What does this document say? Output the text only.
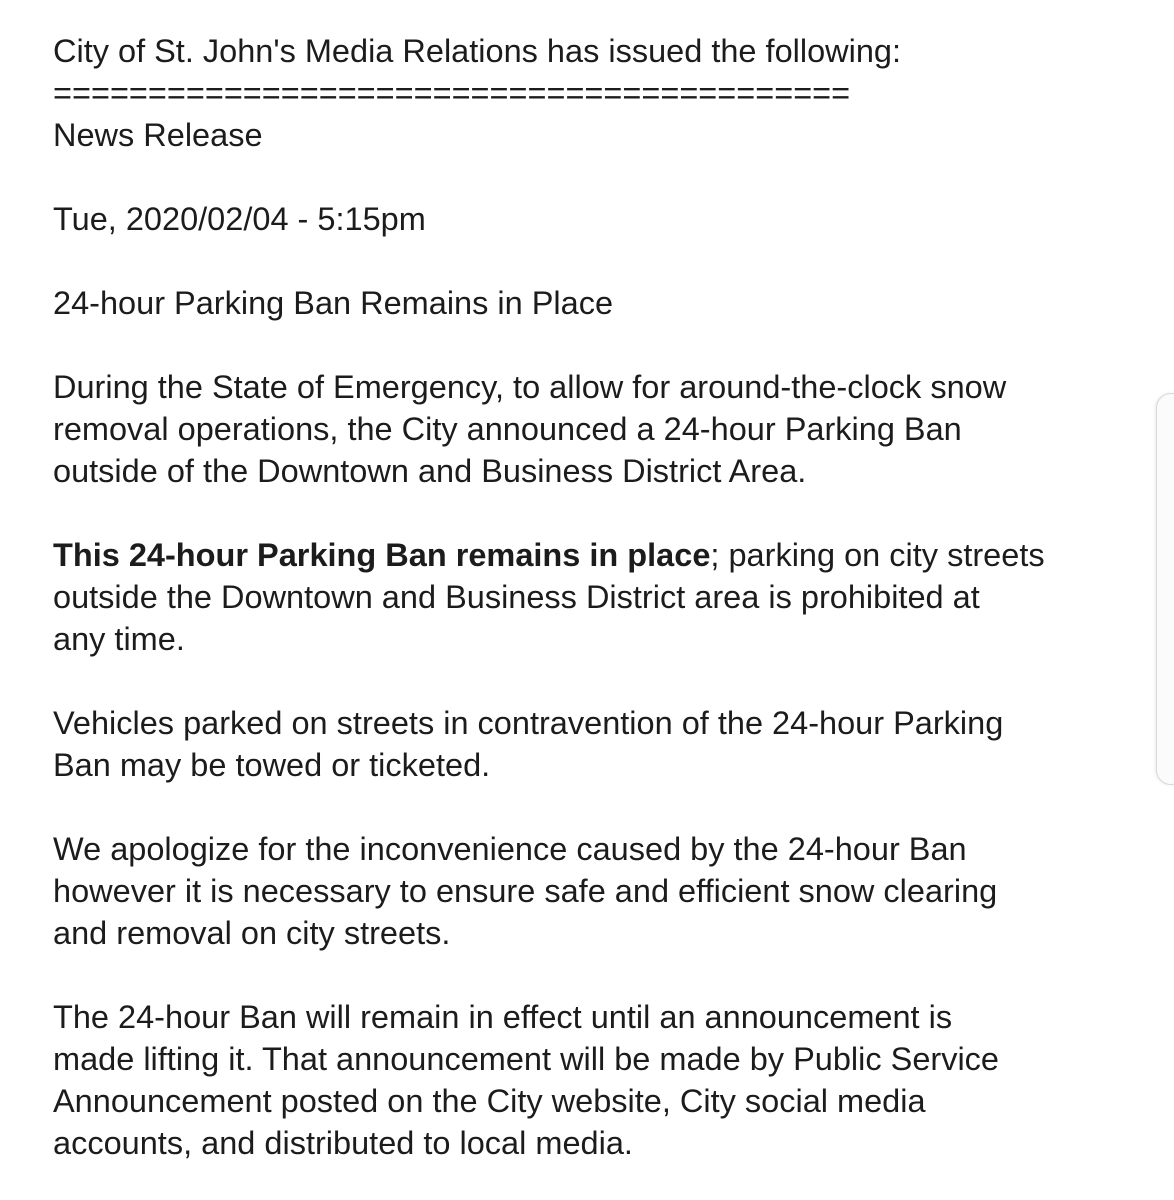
City of St. John's Media Relations has issued the following:
==========================================
News Release
Tue, 2020/02/04 - 5:15pm
24-hour Parking Ban Remains in Place
During the State of Emergency, to allow for around-the-clock snow
removal operations, the City announced a 24-hour Parking Ban
outside of the Downtown and Business District Area.
This 24-hour Parking Ban remains in place; parking on city streets
outside the Downtown and Business District area is prohibited at
any time.
Vehicles parked on streets in contravention of the 24-hour Parking
Ban may be towed or ticketed.
We apologize for the inconvenience caused by the 24-hour Ban
however it is necessary to ensure safe and efficient snow clearing
and removal on city streets.
The 24-hour Ban will remain in effect until an announcement is
made lifting it. That announcement will be made by Public Service
Announcement posted on the City website, City social media
accounts, and distributed to local media.
